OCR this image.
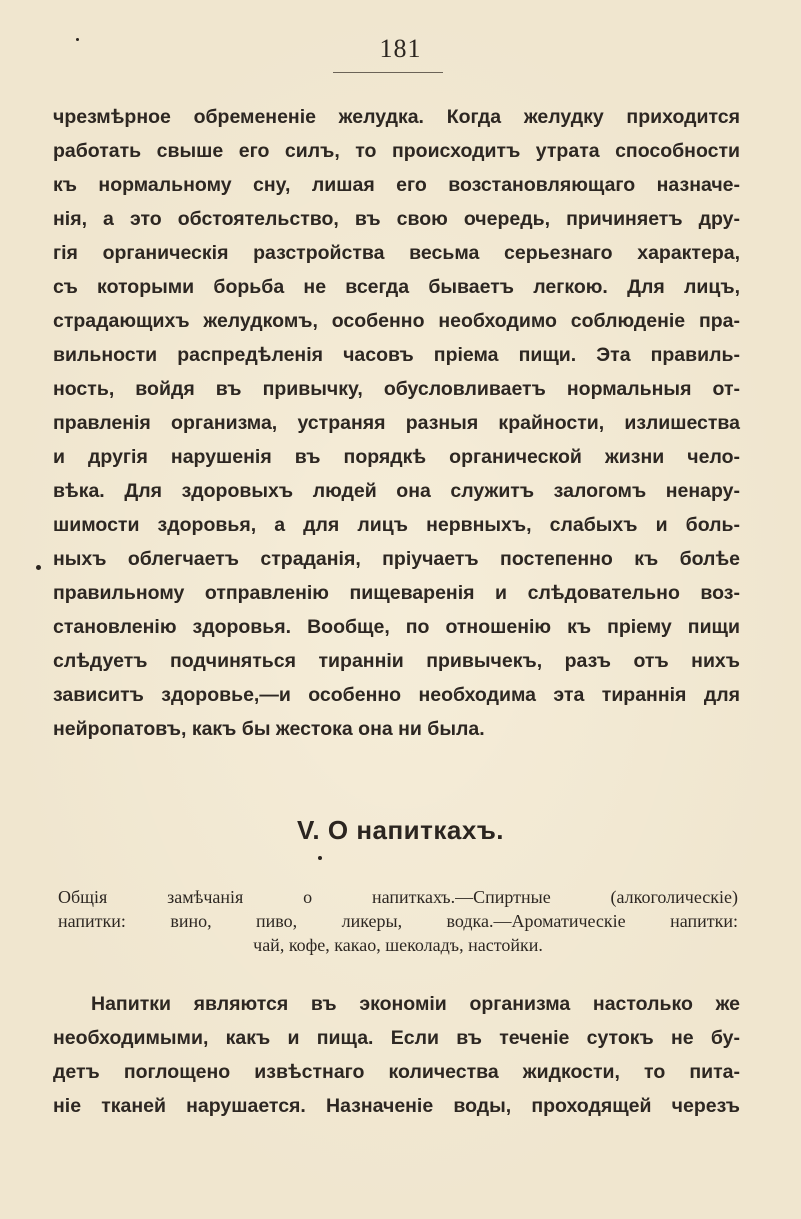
181
чрезмѣрное обремененіе желудка. Когда желудку приходится
работать свыше его силъ, то происходитъ утрата способности
къ нормальному сну, лишая его возстановляющаго назначе-
нія, а это обстоятельство, въ свою очередь, причиняетъ дру-
гія органическія разстройства весьма серьезнаго характера,
съ которыми борьба не всегда бываетъ легкою. Для лицъ,
страдающихъ желудкомъ, особенно необходимо соблюденіе пра-
вильности распредѣленія часовъ пріема пищи. Эта правиль-
ность, войдя въ привычку, обусловливаетъ нормальныя от-
правленія организма, устраняя разныя крайности, излишества
и другія нарушенія въ порядкѣ органической жизни чело-
вѣка. Для здоровыхъ людей она служитъ залогомъ ненару-
шимости здоровья, а для лицъ нервныхъ, слабыхъ и боль-
ныхъ облегчаетъ страданія, пріучаетъ постепенно къ болѣе
правильному отправленію пищеваренія и слѣдовательно воз-
становленію здоровья. Вообще, по отношенію къ пріему пищи
слѣдуетъ подчиняться тираннiи привычекъ, разъ отъ нихъ
зависитъ здоровье,—и особенно необходима эта тираннія для
нейропатовъ, какъ бы жестока она ни была.
V. О напиткахъ.
Общія замѣчанія о напиткахъ.—Спиртные (алкоголическіе)
напитки: вино, пиво, ликеры, водка.—Ароматическіе напитки:
чай, кофе, какао, шеколадъ, настойки.
Напитки являются въ экономіи организма настолько же
необходимыми, какъ и пища. Если въ теченіе сутокъ не бу-
детъ поглощено извѣстнаго количества жидкости, то пита-
ніе тканей нарушается. Назначеніе воды, проходящей черезъ
